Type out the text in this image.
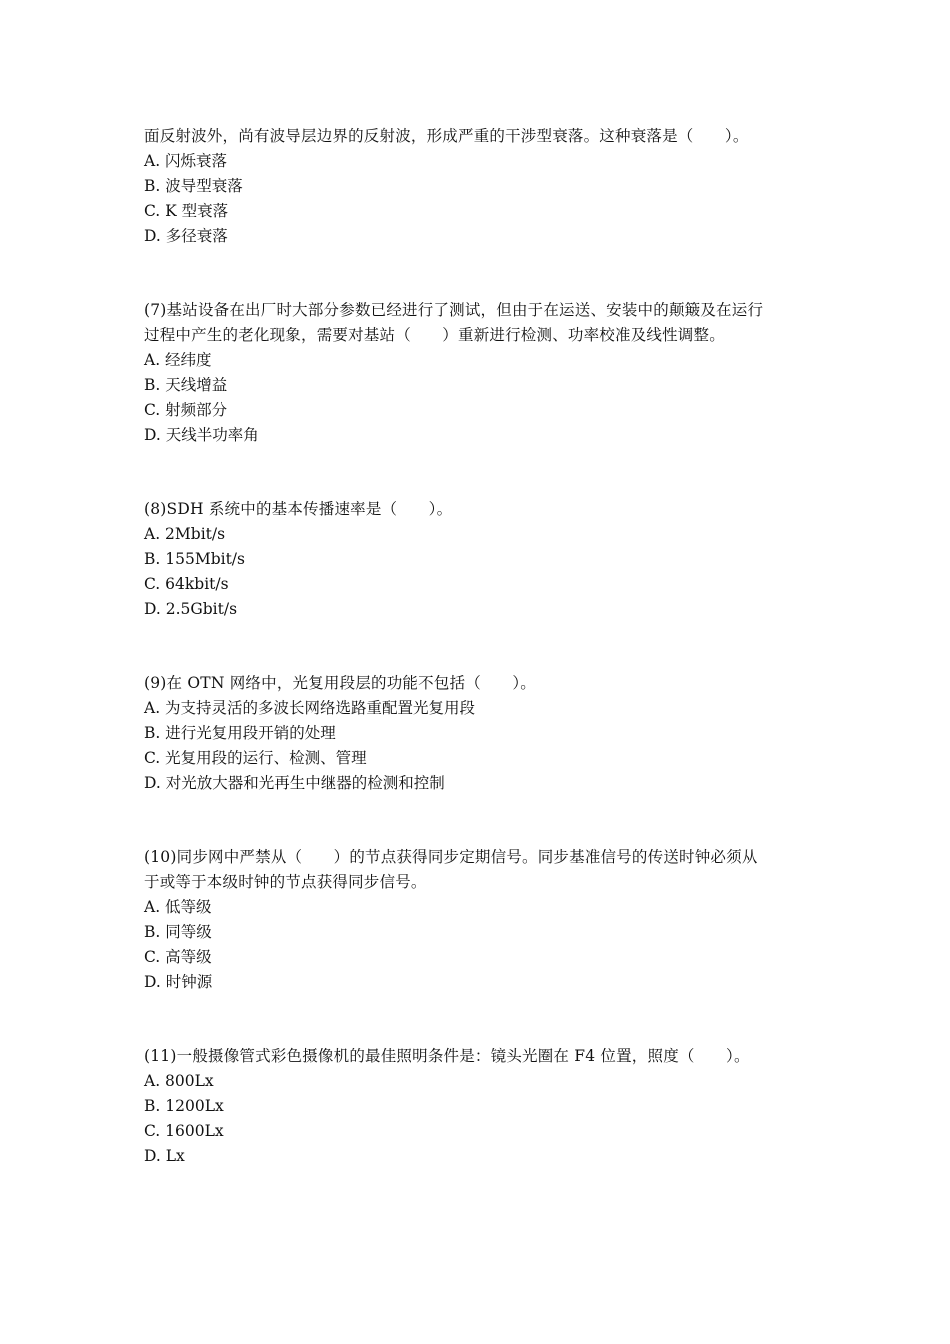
面反射波外，尚有波导层边界的反射波，形成严重的干涉型衰落。这种衰落是（　　）。
A. 闪烁衰落
B. 波导型衰落
C. K 型衰落
D. 多径衰落
(7)基站设备在出厂时大部分参数已经进行了测试，但由于在运送、安装中的颠簸及在运行
过程中产生的老化现象，需要对基站（　　）重新进行检测、功率校准及线性调整。
A. 经纬度
B. 天线增益
C. 射频部分
D. 天线半功率角
(8)SDH 系统中的基本传播速率是（　　）。
A. 2Mbit/s
B. 155Mbit/s
C. 64kbit/s
D. 2.5Gbit/s
(9)在 OTN 网络中，光复用段层的功能不包括（　　）。
A. 为支持灵活的多波长网络选路重配置光复用段
B. 进行光复用段开销的处理
C. 光复用段的运行、检测、管理
D. 对光放大器和光再生中继器的检测和控制
(10)同步网中严禁从（　　）的节点获得同步定期信号。同步基准信号的传送时钟必须从
于或等于本级时钟的节点获得同步信号。
A. 低等级
B. 同等级
C. 高等级
D. 时钟源
(11)一般摄像管式彩色摄像机的最佳照明条件是：镜头光圈在 F4 位置，照度（　　）。
A. 800Lx
B. 1200Lx
C. 1600Lx
D. Lx
